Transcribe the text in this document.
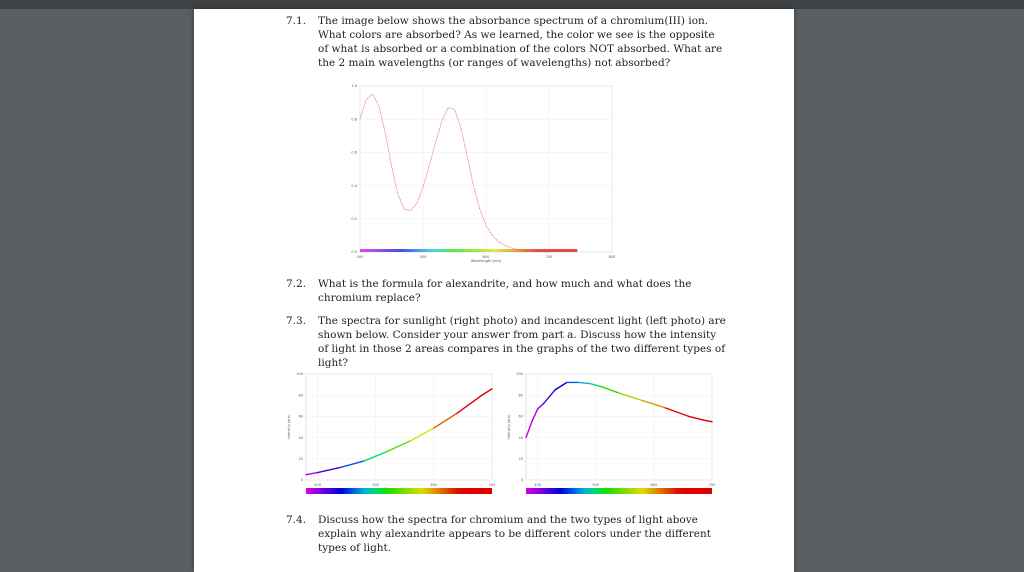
7.1.	The image below shows the absorbance spectrum of a chromium(III) ion. What colors are absorbed? As we learned, the color we see is the opposite of what is absorbed or a combination of the colors NOT absorbed. What are the 2 main wavelengths (or ranges of wavelengths) not absorbed?
400	500	600	700	800
0.0
0.2
0.4
0.6
0.8
1.0
Wavelength (nm)
7.2.	What is the formula for alexandrite, and how much and what does the chromium replace?
7.3.	The spectra for sunlight (right photo) and incandescent light (left photo) are shown below. Consider your answer from part a. Discuss how the intensity of light in those 2 areas compares in the graphs of the two different types of light?
400	500	600	700
0
20
40
60
80
100
Intensity (arb)
400	500	600	700
0
20
40
60
80
100
Intensity (arb)
7.4.	Discuss how the spectra for chromium and the two types of light above explain why alexandrite appears to be different colors under the different types of light.
